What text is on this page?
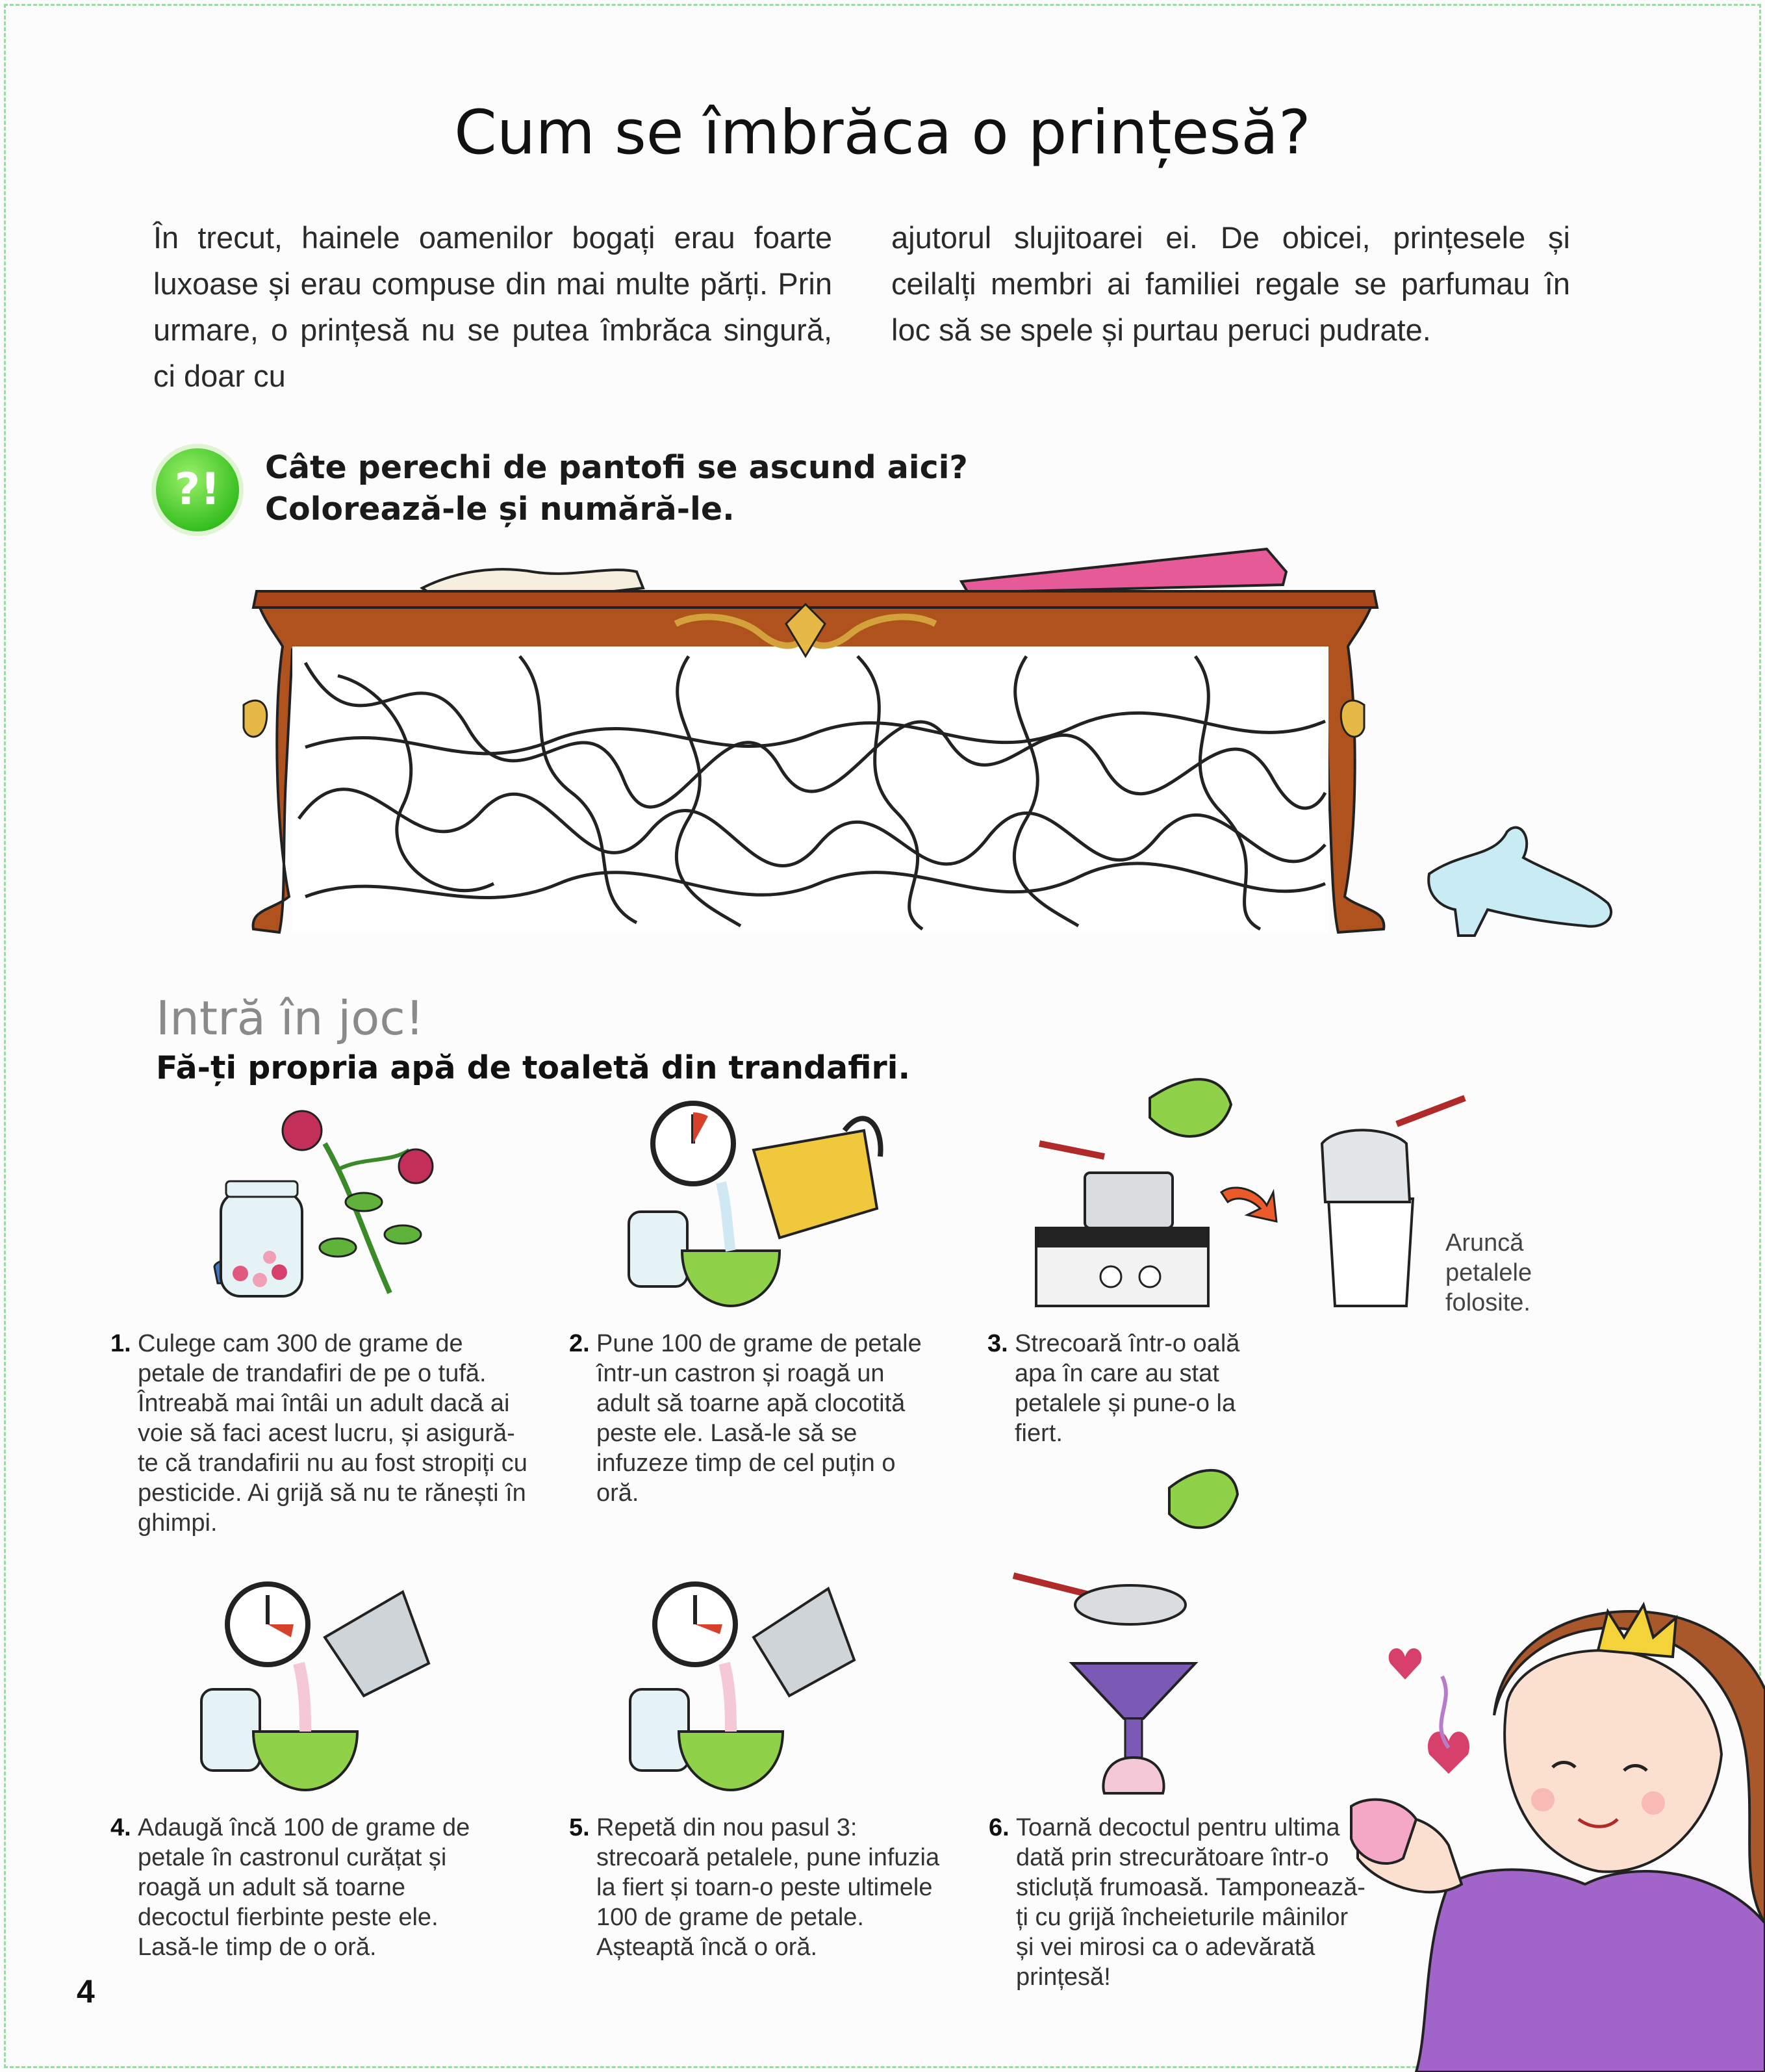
Cum se îmbrăca o prințesă?
În trecut, hainele oamenilor bogați erau foarte luxoase și erau compuse din mai multe părți. Prin urmare, o prințesă nu se putea îmbrăca singură, ci doar cu
ajutorul slujitoarei ei. De obicei, prințesele și ceilalți membri ai familiei regale se parfumau în loc să se spele și purtau peruci pudrate.
?!	Câte perechi de pantofi se ascund aici?
Colorează-le și numără-le.
Intră în joc!
Fă-ți propria apă de toaletă din trandafiri.
1. Culege cam 300 de grame de petale de trandafiri de pe o tufă. Întreabă mai întâi un adult dacă ai voie să faci acest lucru, și asigură-te că trandafirii nu au fost stropiți cu pesticide. Ai grijă să nu te rănești în ghimpi.
2. Pune 100 de grame de petale într-un castron și roagă un adult să toarne apă clocotită peste ele. Lasă-le să se infuzeze timp de cel puțin o oră.
3. Strecoară într-o oală apa în care au stat petalele și pune-o la fiert.
4. Adaugă încă 100 de grame de petale în castronul curățat și roagă un adult să toarne decoctul fierbinte peste ele. Lasă-le timp de o oră.
5. Repetă din nou pasul 3: strecoară petalele, pune infuzia la fiert și toarn-o peste ultimele 100 de grame de petale. Așteaptă încă o oră.
6. Toarnă decoctul pentru ultima dată prin strecurătoare într-o sticluță frumoasă. Tamponează-ți cu grijă încheieturile mâinilor și vei mirosi ca o adevărată prințesă!
Aruncă petalele folosite.
4
